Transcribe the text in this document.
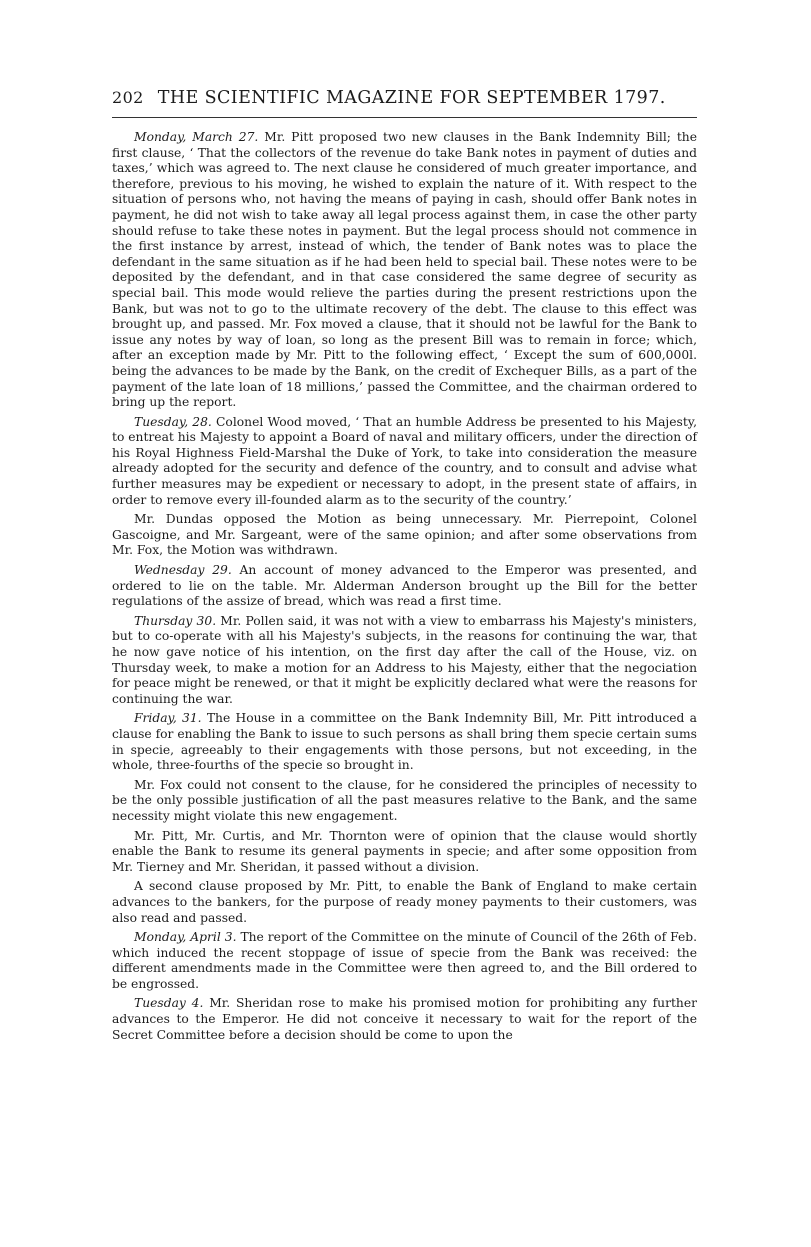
202 THE SCIENTIFIC MAGAZINE FOR SEPTEMBER 1797.

Monday, March 27. Mr. Pitt proposed two new clauses in the Bank Indemnity Bill; the first clause, ‘ That the collectors of the revenue do take Bank notes in payment of duties and taxes,’ which was agreed to. The next clause he considered of much greater importance, and therefore, previous to his moving, he wished to explain the nature of it. With respect to the situation of persons who, not having the means of paying in cash, should offer Bank notes in payment, he did not wish to take away all legal process against them, in case the other party should refuse to take these notes in payment. But the legal process should not commence in the first instance by arrest, instead of which, the tender of Bank notes was to place the defendant in the same situation as if he had been held to special bail. These notes were to be deposited by the defendant, and in that case considered the same degree of security as special bail. This mode would relieve the parties during the present restrictions upon the Bank, but was not to go to the ultimate recovery of the debt. The clause to this effect was brought up, and passed. Mr. Fox moved a clause, that it should not be lawful for the Bank to issue any notes by way of loan, so long as the present Bill was to remain in force; which, after an exception made by Mr. Pitt to the following effect, ‘ Except the sum of 600,000l. being the advances to be made by the Bank, on the credit of Exchequer Bills, as a part of the payment of the late loan of 18 millions,’ passed the Committee, and the chairman ordered to bring up the report.

Tuesday, 28. Colonel Wood moved, ‘ That an humble Address be presented to his Majesty, to entreat his Majesty to appoint a Board of naval and military officers, under the direction of his Royal Highness Field-Marshal the Duke of York, to take into consideration the measure already adopted for the security and defence of the country, and to consult and advise what further measures may be expedient or necessary to adopt, in the present state of affairs, in order to remove every ill-founded alarm as to the security of the country.’

Mr. Dundas opposed the Motion as being unnecessary. Mr. Pierrepoint, Colonel Gascoigne, and Mr. Sargeant, were of the same opinion; and after some observations from Mr. Fox, the Motion was withdrawn.

Wednesday 29. An account of money advanced to the Emperor was presented, and ordered to lie on the table. Mr. Alderman Anderson brought up the Bill for the better regulations of the assize of bread, which was read a first time.

Thursday 30. Mr. Pollen said, it was not with a view to embarrass his Majesty's ministers, but to co-operate with all his Majesty's subjects, in the reasons for continuing the war, that he now gave notice of his intention, on the first day after the call of the House, viz. on Thursday week, to make a motion for an Address to his Majesty, either that the negociation for peace might be renewed, or that it might be explicitly declared what were the reasons for continuing the war.

Friday, 31. The House in a committee on the Bank Indemnity Bill, Mr. Pitt introduced a clause for enabling the Bank to issue to such persons as shall bring them specie certain sums in specie, agreeably to their engagements with those persons, but not exceeding, in the whole, three-fourths of the specie so brought in.

Mr. Fox could not consent to the clause, for he considered the principles of necessity to be the only possible justification of all the past measures relative to the Bank, and the same necessity might violate this new engagement.

Mr. Pitt, Mr. Curtis, and Mr. Thornton were of opinion that the clause would shortly enable the Bank to resume its general payments in specie; and after some opposition from Mr. Tierney and Mr. Sheridan, it passed without a division.

A second clause proposed by Mr. Pitt, to enable the Bank of England to make certain advances to the bankers, for the purpose of ready money payments to their customers, was also read and passed.

Monday, April 3. The report of the Committee on the minute of Council of the 26th of Feb. which induced the recent stoppage of issue of specie from the Bank was received: the different amendments made in the Committee were then agreed to, and the Bill ordered to be engrossed.

Tuesday 4. Mr. Sheridan rose to make his promised motion for prohibiting any further advances to the Emperor. He did not conceive it necessary to wait for the report of the Secret Committee before a decision should be come to upon the
